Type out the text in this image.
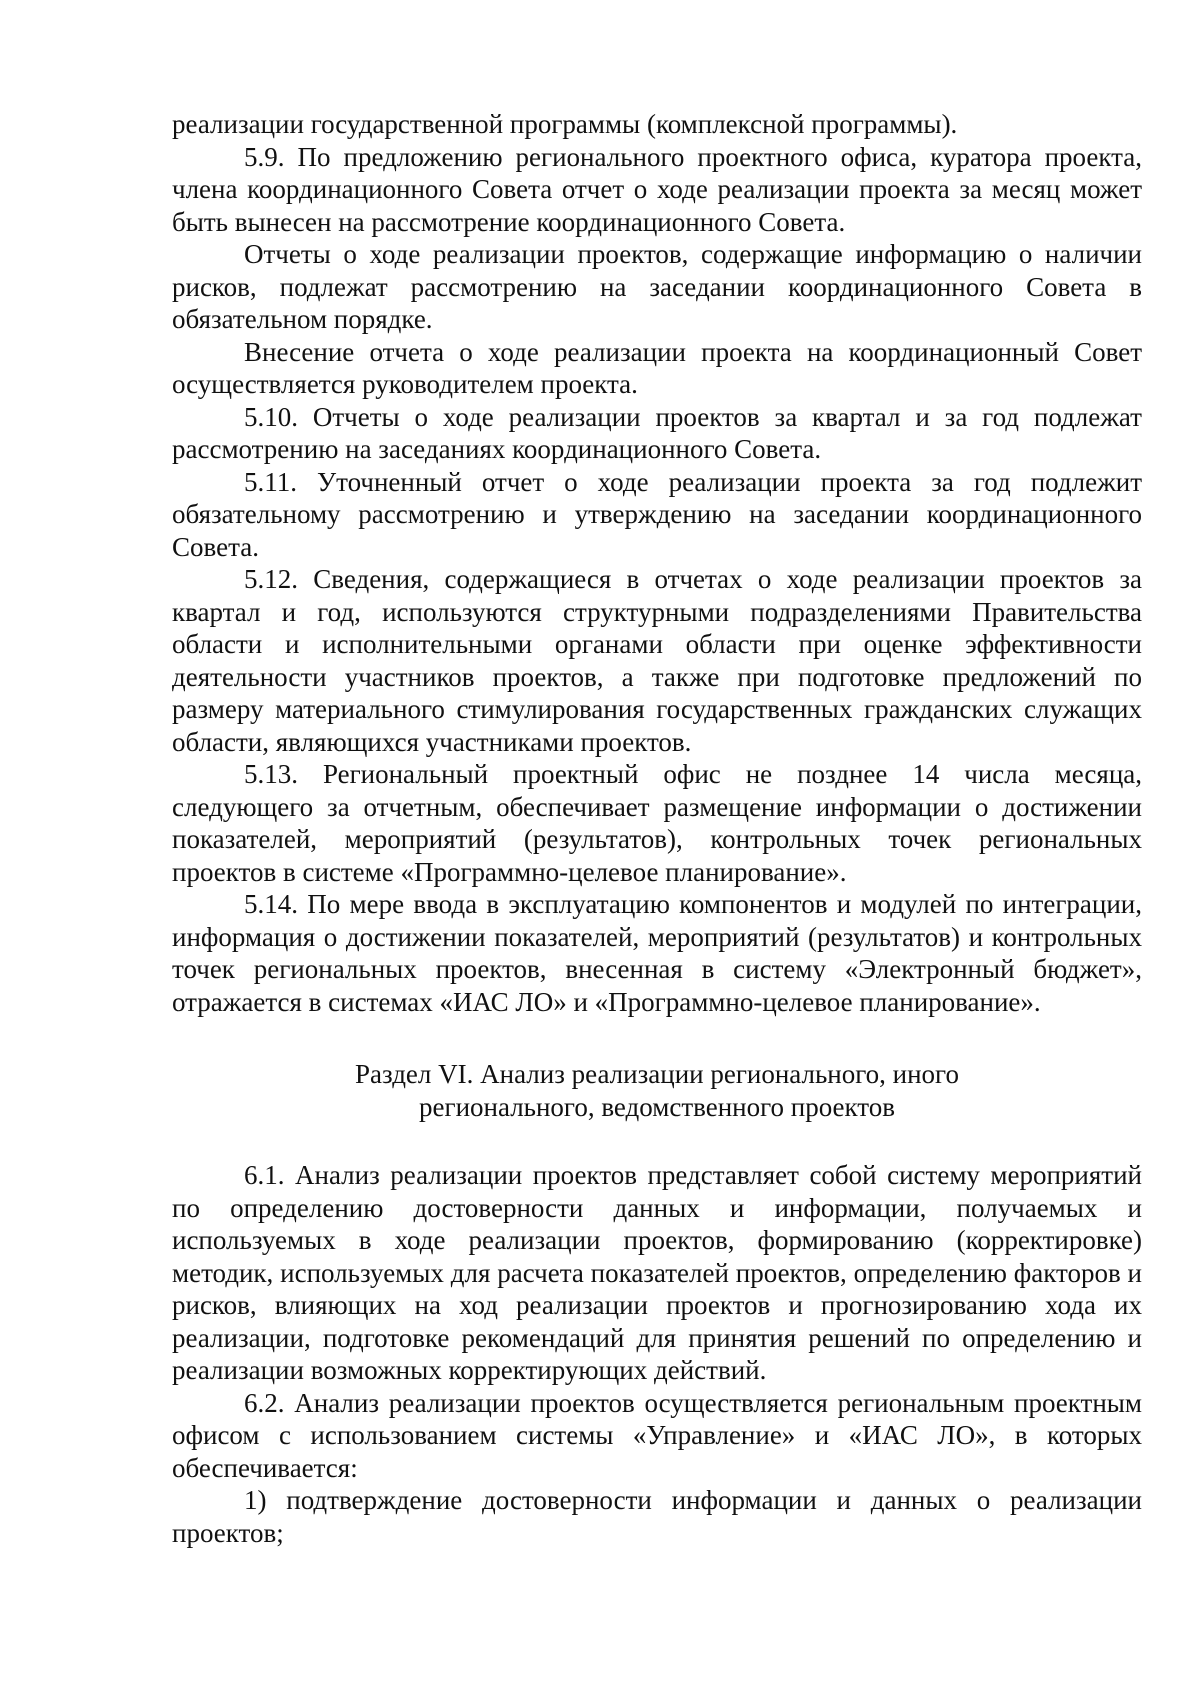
реализации государственной программы (комплексной программы).

5.9. По предложению регионального проектного офиса, куратора проекта, члена координационного Совета отчет о ходе реализации проекта за месяц может быть вынесен на рассмотрение координационного Совета.

Отчеты о ходе реализации проектов, содержащие информацию о наличии рисков, подлежат рассмотрению на заседании координационного Совета в обязательном порядке.

Внесение отчета о ходе реализации проекта на координационный Совет осуществляется руководителем проекта.

5.10. Отчеты о ходе реализации проектов за квартал и за год подлежат рассмотрению на заседаниях координационного Совета.

5.11. Уточненный отчет о ходе реализации проекта за год подлежит обязательному рассмотрению и утверждению на заседании координационного Совета.

5.12. Сведения, содержащиеся в отчетах о ходе реализации проектов за квартал и год, используются структурными подразделениями Правительства области и исполнительными органами области при оценке эффективности деятельности участников проектов, а также при подготовке предложений по размеру материального стимулирования государственных гражданских служащих области, являющихся участниками проектов.

5.13. Региональный проектный офис не позднее 14 числа месяца, следующего за отчетным, обеспечивает размещение информации о достижении показателей, мероприятий (результатов), контрольных точек региональных проектов в системе «Программно-целевое планирование».

5.14. По мере ввода в эксплуатацию компонентов и модулей по интеграции, информация о достижении показателей, мероприятий (результатов) и контрольных точек региональных проектов, внесенная в систему «Электронный бюджет», отражается в системах «ИАС ЛО» и «Программно-целевое планирование».

Раздел VI. Анализ реализации регионального, иного
регионального, ведомственного проектов

6.1. Анализ реализации проектов представляет собой систему мероприятий по определению достоверности данных и информации, получаемых и используемых в ходе реализации проектов, формированию (корректировке) методик, используемых для расчета показателей проектов, определению факторов и рисков, влияющих на ход реализации проектов и прогнозированию хода их реализации, подготовке рекомендаций для принятия решений по определению и реализации возможных корректирующих действий.

6.2. Анализ реализации проектов осуществляется региональным проектным офисом с использованием системы «Управление» и «ИАС ЛО», в которых обеспечивается:

1) подтверждение достоверности информации и данных о реализации проектов;
